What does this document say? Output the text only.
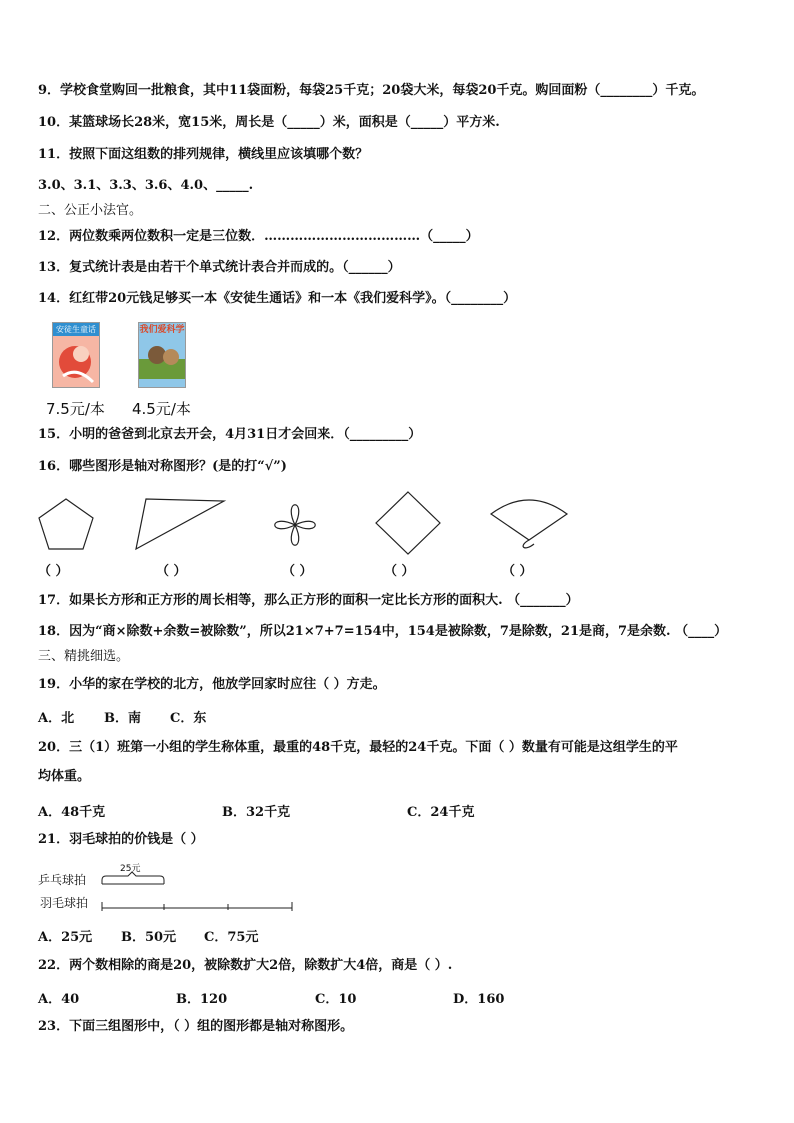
9．学校食堂购回一批粮食，其中11袋面粉，每袋25千克；20袋大米，每袋20千克。购回面粉（________）千克。
10．某篮球场长28米，宽15米，周长是（_____）米，面积是（_____）平方米.
11．按照下面这组数的排列规律，横线里应该填哪个数？
3.0、3.1、3.3、3.6、4.0、_____.
二、公正小法官。
12．两位数乘两位数积一定是三位数．………………………………（_____）
13．复式统计表是由若干个单式统计表合并而成的。（______）
14．红红带20元钱足够买一本《安徒生通话》和一本《我们爱科学》。（________）
安徒生童话
7.5元/本
我们爱科学
4.5元/本
15．小明的爸爸到北京去开会，4月31日才会回来．（_________）
16．哪些图形是轴对称图形？(是的打“√”)
（ ）	（ ）	（ ）	（ ）	（ ）
17．如果长方形和正方形的周长相等，那么正方形的面积一定比长方形的面积大. （_______）
18．因为“商×除数+余数=被除数”，所以21×7+7=154中，154是被除数，7是除数，21是商，7是余数. （____）
三、精挑细选。
19．小华的家在学校的北方，他放学回家时应往（ ）方走。
A．北 B．南 C．东
20．三（1）班第一小组的学生称体重，最重的48千克，最轻的24千克。下面（ ）数量有可能是这组学生的平
均体重。
A．48千克	B．32千克	C．24千克
21．羽毛球拍的价钱是（ ）
乒乓球拍
羽毛球拍
25元
A．25元 B．50元 C．75元
22．两个数相除的商是20，被除数扩大2倍，除数扩大4倍，商是（ ）.
A．40	B．120	C．10	D．160
23．下面三组图形中，（ ）组的图形都是轴对称图形。
